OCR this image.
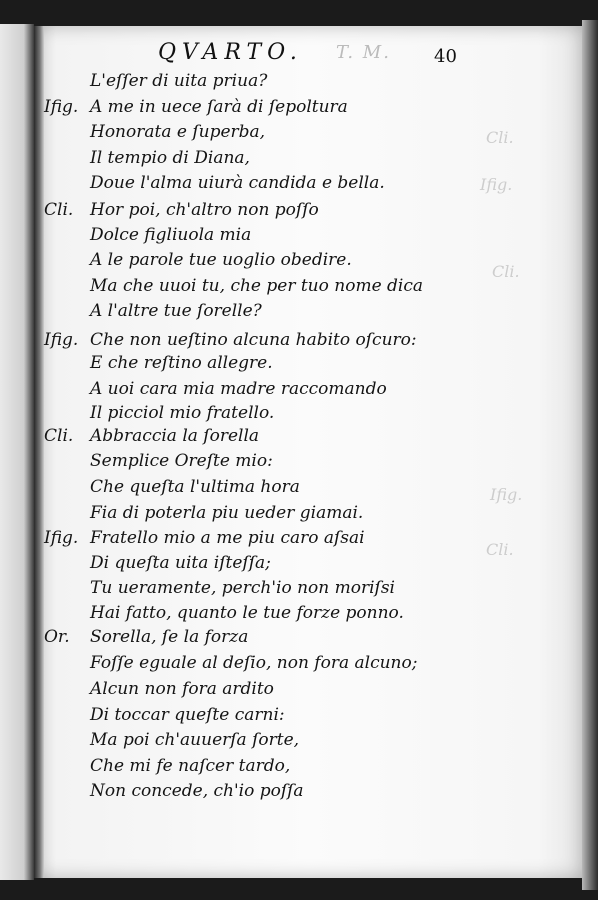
QVARTO. T. M. 40
Cli.
Ifig.
Cli.
Ifig.
Cli.
Ifig.
Cli.
Ifig.
Cli.
Ifig.
Or.
L'eſſer di uita priua?
A me in uece ſarà di ſepoltura
Honorata e ſuperba,
Il tempio di Diana,
Doue l'alma uiurà candida e bella.
Hor poi, ch'altro non poſſo
Dolce figliuola mia
A le parole tue uoglio obedire.
Ma che uuoi tu, che per tuo nome dica
A l'altre tue ſorelle?
Che non ueſtino alcuna habito oſcuro:
E che reſtino allegre.
A uoi cara mia madre raccomando
Il picciol mio fratello.
Abbraccia la ſorella
Semplice Oreſte mio:
Che queſta l'ultima hora
Fia di poterla piu ueder giamai.
Fratello mio a me piu caro aſsai
Di queſta uita iſteſſa;
Tu ueramente, perch'io non moriſsi
Hai fatto, quanto le tue forze ponno.
Sorella, ſe la forza
Foſſe eguale al deſio, non fora alcuno;
Alcun non fora ardito
Di toccar queſte carni:
Ma poi ch'auuerſa ſorte,
Che mi fe naſcer tardo,
Non concede, ch'io poſſa
